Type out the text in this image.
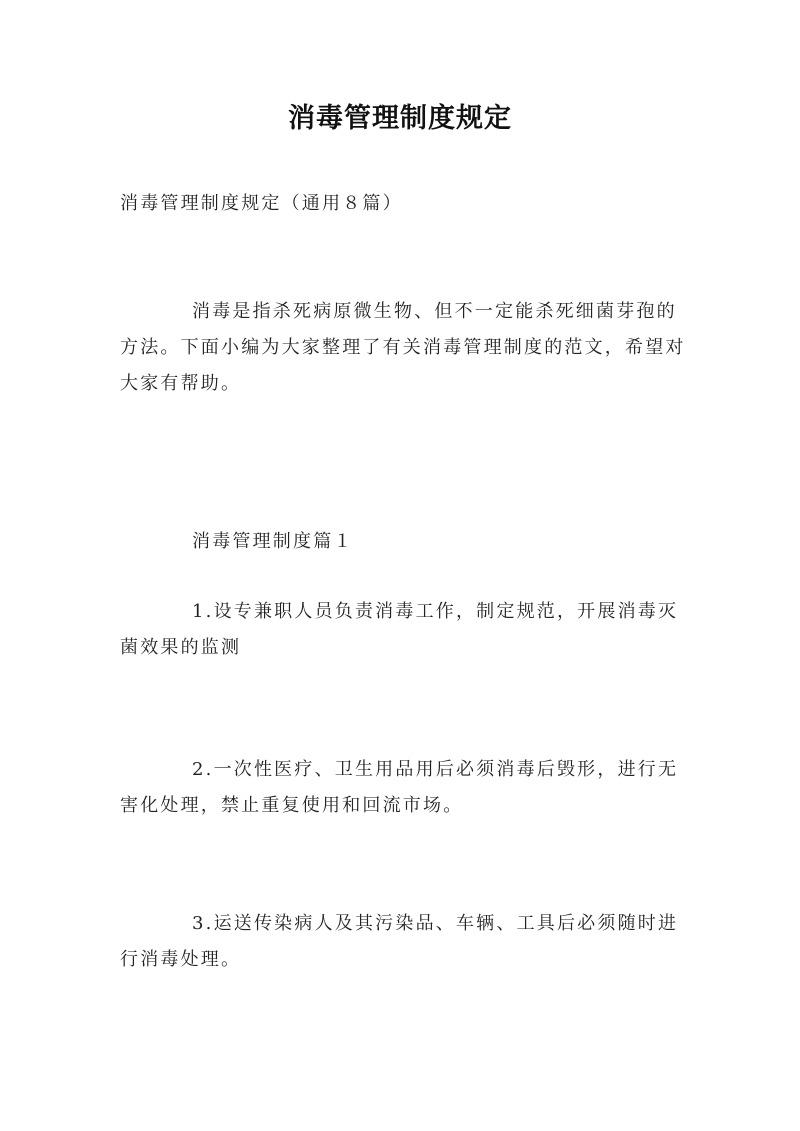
消毒管理制度规定

消毒管理制度规定（通用８篇）

消毒是指杀死病原微生物、但不一定能杀死细菌芽孢的方法。下面小编为大家整理了有关消毒管理制度的范文，希望对大家有帮助。

消毒管理制度篇１

1.设专兼职人员负责消毒工作，制定规范，开展消毒灭菌效果的监测

2.一次性医疗、卫生用品用后必须消毒后毁形，进行无害化处理，禁止重复使用和回流市场。

3.运送传染病人及其污染品、车辆、工具后必须随时进行消毒处理。
